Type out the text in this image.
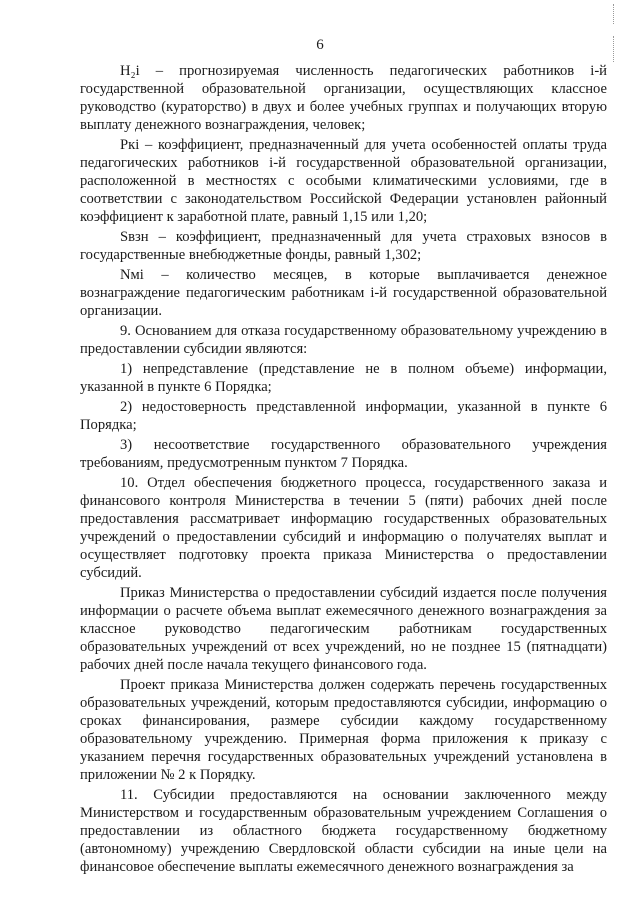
6

H₂i – прогнозируемая численность педагогических работников i-й государственной образовательной организации, осуществляющих классное руководство (кураторство) в двух и более учебных группах и получающих вторую выплату денежного вознаграждения, человек;

Pкi – коэффициент, предназначенный для учета особенностей оплаты труда педагогических работников i-й государственной образовательной организации, расположенной в местностях с особыми климатическими условиями, где в соответствии с законодательством Российской Федерации установлен районный коэффициент к заработной плате, равный 1,15 или 1,20;

Sвзн – коэффициент, предназначенный для учета страховых взносов в государственные внебюджетные фонды, равный 1,302;

Nмi – количество месяцев, в которые выплачивается денежное вознаграждение педагогическим работникам i-й государственной образовательной организации.

9. Основанием для отказа государственному образовательному учреждению в предоставлении субсидии являются:

1) непредставление (представление не в полном объеме) информации, указанной в пункте 6 Порядка;

2) недостоверность представленной информации, указанной в пункте 6 Порядка;

3) несоответствие государственного образовательного учреждения требованиям, предусмотренным пунктом 7 Порядка.

10. Отдел обеспечения бюджетного процесса, государственного заказа и финансового контроля Министерства в течении 5 (пяти) рабочих дней после предоставления рассматривает информацию государственных образовательных учреждений о предоставлении субсидий и информацию о получателях выплат и осуществляет подготовку проекта приказа Министерства о предоставлении субсидий.

Приказ Министерства о предоставлении субсидий издается после получения информации о расчете объема выплат ежемесячного денежного вознаграждения за классное руководство педагогическим работникам государственных образовательных учреждений от всех учреждений, но не позднее 15 (пятнадцати) рабочих дней после начала текущего финансового года.

Проект приказа Министерства должен содержать перечень государственных образовательных учреждений, которым предоставляются субсидии, информацию о сроках финансирования, размере субсидии каждому государственному образовательному учреждению. Примерная форма приложения к приказу с указанием перечня государственных образовательных учреждений установлена в приложении № 2 к Порядку.

11. Субсидии предоставляются на основании заключенного между Министерством и государственным образовательным учреждением Соглашения о предоставлении из областного бюджета государственному бюджетному (автономному) учреждению Свердловской области субсидии на иные цели на финансовое обеспечение выплаты ежемесячного денежного вознаграждения за
